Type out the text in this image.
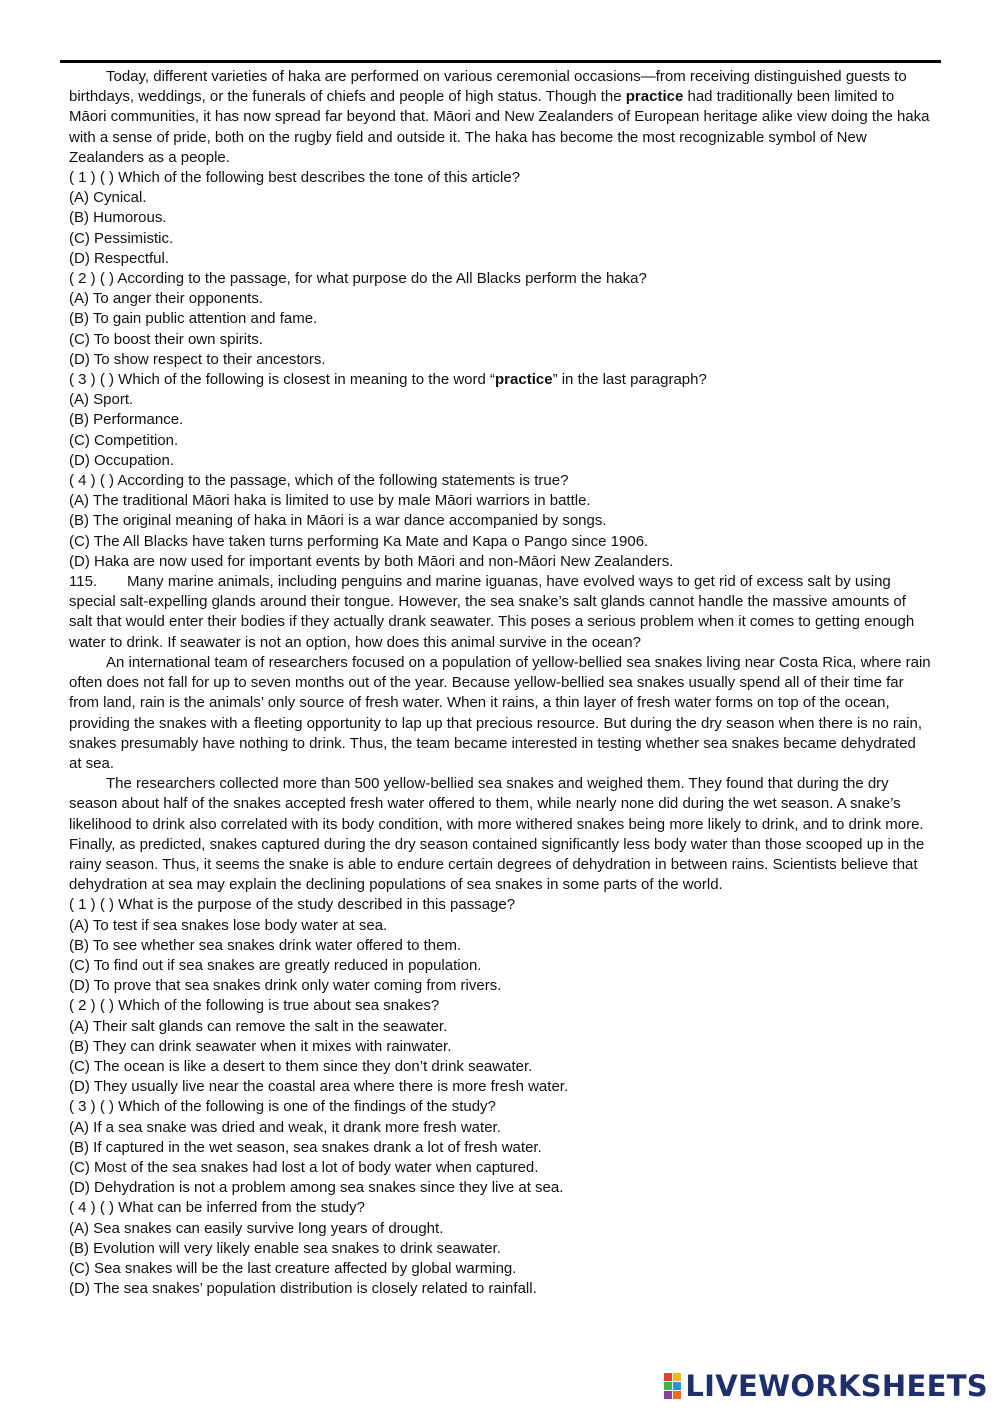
Today, different varieties of haka are performed on various ceremonial occasions—from receiving distinguished guests to birthdays, weddings, or the funerals of chiefs and people of high status. Though the practice had traditionally been limited to Māori communities, it has now spread far beyond that. Māori and New Zealanders of European heritage alike view doing the haka with a sense of pride, both on the rugby field and outside it. The haka has become the most recognizable symbol of New Zealanders as a people.

( 1 ) ( ) Which of the following best describes the tone of this article?
(A) Cynical.
(B) Humorous.
(C) Pessimistic.
(D) Respectful.
( 2 ) ( ) According to the passage, for what purpose do the All Blacks perform the haka?
(A) To anger their opponents.
(B) To gain public attention and fame.
(C) To boost their own spirits.
(D) To show respect to their ancestors.
( 3 ) ( ) Which of the following is closest in meaning to the word “practice” in the last paragraph?
(A) Sport.
(B) Performance.
(C) Competition.
(D) Occupation.
( 4 ) ( ) According to the passage, which of the following statements is true?
(A) The traditional Māori haka is limited to use by male Māori warriors in battle.
(B) The original meaning of haka in Māori is a war dance accompanied by songs.
(C) The All Blacks have taken turns performing Ka Mate and Kapa o Pango since 1906.
(D) Haka are now used for important events by both Māori and non-Māori New Zealanders.

115. Many marine animals, including penguins and marine iguanas, have evolved ways to get rid of excess salt by using special salt-expelling glands around their tongue. However, the sea snake’s salt glands cannot handle the massive amounts of salt that would enter their bodies if they actually drank seawater. This poses a serious problem when it comes to getting enough water to drink. If seawater is not an option, how does this animal survive in the ocean?

An international team of researchers focused on a population of yellow-bellied sea snakes living near Costa Rica, where rain often does not fall for up to seven months out of the year. Because yellow-bellied sea snakes usually spend all of their time far from land, rain is the animals’ only source of fresh water. When it rains, a thin layer of fresh water forms on top of the ocean, providing the snakes with a fleeting opportunity to lap up that precious resource. But during the dry season when there is no rain, snakes presumably have nothing to drink. Thus, the team became interested in testing whether sea snakes became dehydrated at sea.

The researchers collected more than 500 yellow-bellied sea snakes and weighed them. They found that during the dry season about half of the snakes accepted fresh water offered to them, while nearly none did during the wet season. A snake’s likelihood to drink also correlated with its body condition, with more withered snakes being more likely to drink, and to drink more. Finally, as predicted, snakes captured during the dry season contained significantly less body water than those scooped up in the rainy season. Thus, it seems the snake is able to endure certain degrees of dehydration in between rains. Scientists believe that dehydration at sea may explain the declining populations of sea snakes in some parts of the world.

( 1 ) ( ) What is the purpose of the study described in this passage?
(A) To test if sea snakes lose body water at sea.
(B) To see whether sea snakes drink water offered to them.
(C) To find out if sea snakes are greatly reduced in population.
(D) To prove that sea snakes drink only water coming from rivers.
( 2 ) ( ) Which of the following is true about sea snakes?
(A) Their salt glands can remove the salt in the seawater.
(B) They can drink seawater when it mixes with rainwater.
(C) The ocean is like a desert to them since they don’t drink seawater.
(D) They usually live near the coastal area where there is more fresh water.
( 3 ) ( ) Which of the following is one of the findings of the study?
(A) If a sea snake was dried and weak, it drank more fresh water.
(B) If captured in the wet season, sea snakes drank a lot of fresh water.
(C) Most of the sea snakes had lost a lot of body water when captured.
(D) Dehydration is not a problem among sea snakes since they live at sea.
( 4 ) ( ) What can be inferred from the study?
(A) Sea snakes can easily survive long years of drought.
(B) Evolution will very likely enable sea snakes to drink seawater.
(C) Sea snakes will be the last creature affected by global warming.
(D) The sea snakes’ population distribution is closely related to rainfall.
LIVEWORKSHEETS
